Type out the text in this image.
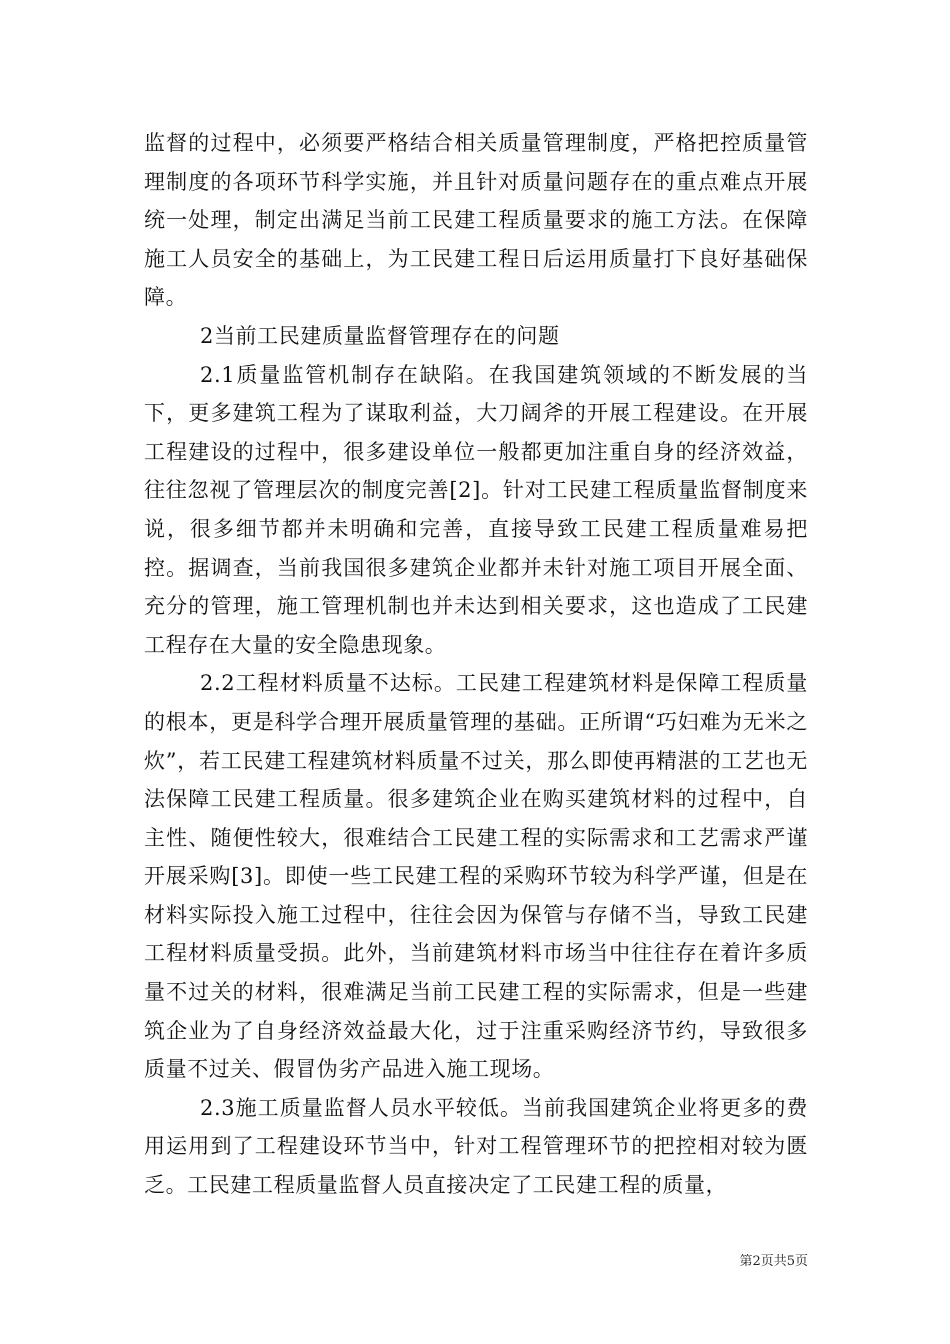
监督的过程中，必须要严格结合相关质量管理制度，严格把控质量管理制度的各项环节科学实施，并且针对质量问题存在的重点难点开展统一处理，制定出满足当前工民建工程质量要求的施工方法。在保障施工人员安全的基础上，为工民建工程日后运用质量打下良好基础保障。

2当前工民建质量监督管理存在的问题

2.1质量监管机制存在缺陷。在我国建筑领域的不断发展的当下，更多建筑工程为了谋取利益，大刀阔斧的开展工程建设。在开展工程建设的过程中，很多建设单位一般都更加注重自身的经济效益，往往忽视了管理层次的制度完善[2]。针对工民建工程质量监督制度来说，很多细节都并未明确和完善，直接导致工民建工程质量难易把控。据调查，当前我国很多建筑企业都并未针对施工项目开展全面、充分的管理，施工管理机制也并未达到相关要求，这也造成了工民建工程存在大量的安全隐患现象。

2.2工程材料质量不达标。工民建工程建筑材料是保障工程质量的根本，更是科学合理开展质量管理的基础。正所谓“巧妇难为无米之炊”，若工民建工程建筑材料质量不过关，那么即使再精湛的工艺也无法保障工民建工程质量。很多建筑企业在购买建筑材料的过程中，自主性、随便性较大，很难结合工民建工程的实际需求和工艺需求严谨开展采购[3]。即使一些工民建工程的采购环节较为科学严谨，但是在材料实际投入施工过程中，往往会因为保管与存储不当，导致工民建工程材料质量受损。此外，当前建筑材料市场当中往往存在着许多质量不过关的材料，很难满足当前工民建工程的实际需求，但是一些建筑企业为了自身经济效益最大化，过于注重采购经济节约，导致很多质量不过关、假冒伪劣产品进入施工现场。

2.3施工质量监督人员水平较低。当前我国建筑企业将更多的费用运用到了工程建设环节当中，针对工程管理环节的把控相对较为匮乏。工民建工程质量监督人员直接决定了工民建工程的质量，

第2页共5页
